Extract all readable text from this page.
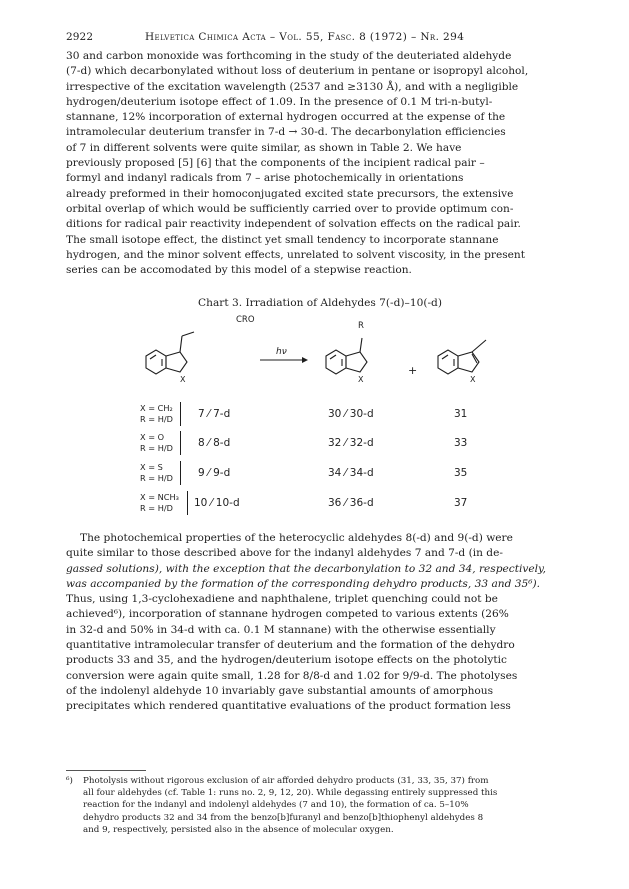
2922	Helvetica Chimica Acta – Vol. 55, Fasc. 8 (1972) – Nr. 294
30 and carbon monoxide was forthcoming in the study of the deuteriated aldehyde
(7-d) which decarbonylated without loss of deuterium in pentane or isopropyl alcohol,
irrespective of the excitation wavelength (2537 and ≥3130 Å), and with a negligible
hydrogen/deuterium isotope effect of 1.09. In the presence of 0.1 M tri-n-butyl-
stannane, 12% incorporation of external hydrogen occurred at the expense of the
intramolecular deuterium transfer in 7-d → 30-d. The decarbonylation efficiencies
of 7 in different solvents were quite similar, as shown in Table 2. We have
previously proposed [5] [6] that the components of the incipient radical pair –
formyl and indanyl radicals from 7 – arise photochemically in orientations
already preformed in their homoconjugated excited state precursors, the extensive
orbital overlap of which would be sufficiently carried over to provide optimum con-
ditions for radical pair reactivity independent of solvation effects on the radical pair.
The small isotope effect, the distinct yet small tendency to incorporate stannane
hydrogen, and the minor solvent effects, unrelated to solvent viscosity, in the present
series can be accomodated by this model of a stepwise reaction.
Chart 3. Irradiation of Aldehydes 7(-d)–10(-d)
CRO
X
hν
R
X
+
X
X = CH₂
R = H/D 7 ⁄ 7-d	30 ⁄ 30-d	31
X = O
R = H/D 8 ⁄ 8-d	32 ⁄ 32-d	33
X = S
R = H/D 9 ⁄ 9-d	34 ⁄ 34-d	35
X = NCH₃
R = H/D 10 ⁄ 10-d	36 ⁄ 36-d	37
The photochemical properties of the heterocyclic aldehydes 8(-d) and 9(-d) were
quite similar to those described above for the indanyl aldehydes 7 and 7-d (in de-
gassed solutions), with the exception that the decarbonylation to 32 and 34, respectively,
was accompanied by the formation of the corresponding dehydro products, 33 and 35⁶).
Thus, using 1,3-cyclohexadiene and naphthalene, triplet quenching could not be
achieved⁶), incorporation of stannane hydrogen competed to various extents (26%
in 32-d and 50% in 34-d with ca. 0.1 M stannane) with the otherwise essentially
quantitative intramolecular transfer of deuterium and the formation of the dehydro
products 33 and 35, and the hydrogen/deuterium isotope effects on the photolytic
conversion were again quite small, 1.28 for 8/8-d and 1.02 for 9/9-d. The photolyses
of the indolenyl aldehyde 10 invariably gave substantial amounts of amorphous
precipitates which rendered quantitative evaluations of the product formation less
⁶) Photolysis without rigorous exclusion of air afforded dehydro products (31, 33, 35, 37) from
all four aldehydes (cf. Table 1: runs no. 2, 9, 12, 20). While degassing entirely suppressed this
reaction for the indanyl and indolenyl aldehydes (7 and 10), the formation of ca. 5–10%
dehydro products 32 and 34 from the benzo[b]furanyl and benzo[b]thiophenyl aldehydes 8
and 9, respectively, persisted also in the absence of molecular oxygen.
